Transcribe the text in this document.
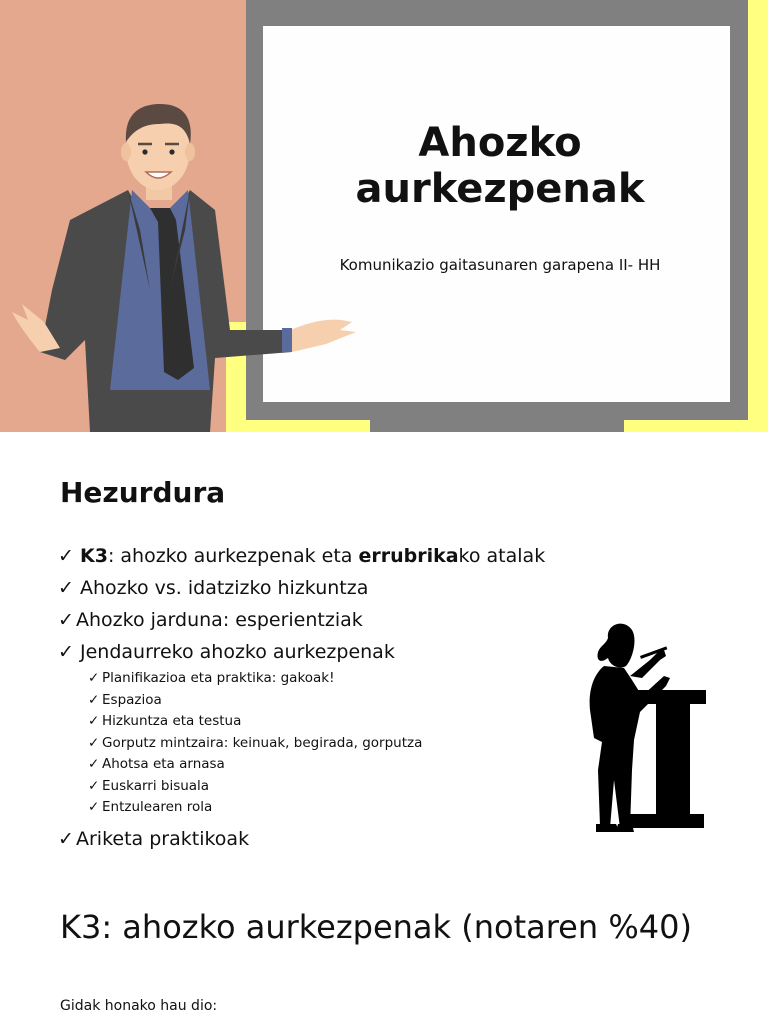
Ahozko
aurkezpenak

Komunikazio gaitasunaren garapena II- HH

Hezurdura
✓ K3: ahozko aurkezpenak eta errubrikako atalak
✓ Ahozko vs. idatzizko hizkuntza
✓ Ahozko jarduna: esperientziak
✓ Jendaurreko ahozko aurkezpenak
✓ Planifikazioa eta praktika: gakoak!
✓ Espazioa
✓ Hizkuntza eta testua
✓ Gorputz mintzaira: keinuak, begirada, gorputza
✓ Ahotsa eta arnasa
✓ Euskarri bisuala
✓ Entzulearen rola
✓ Ariketa praktikoak
K3: ahozko aurkezpenak (notaren %40)

Gidak honako hau dio:
